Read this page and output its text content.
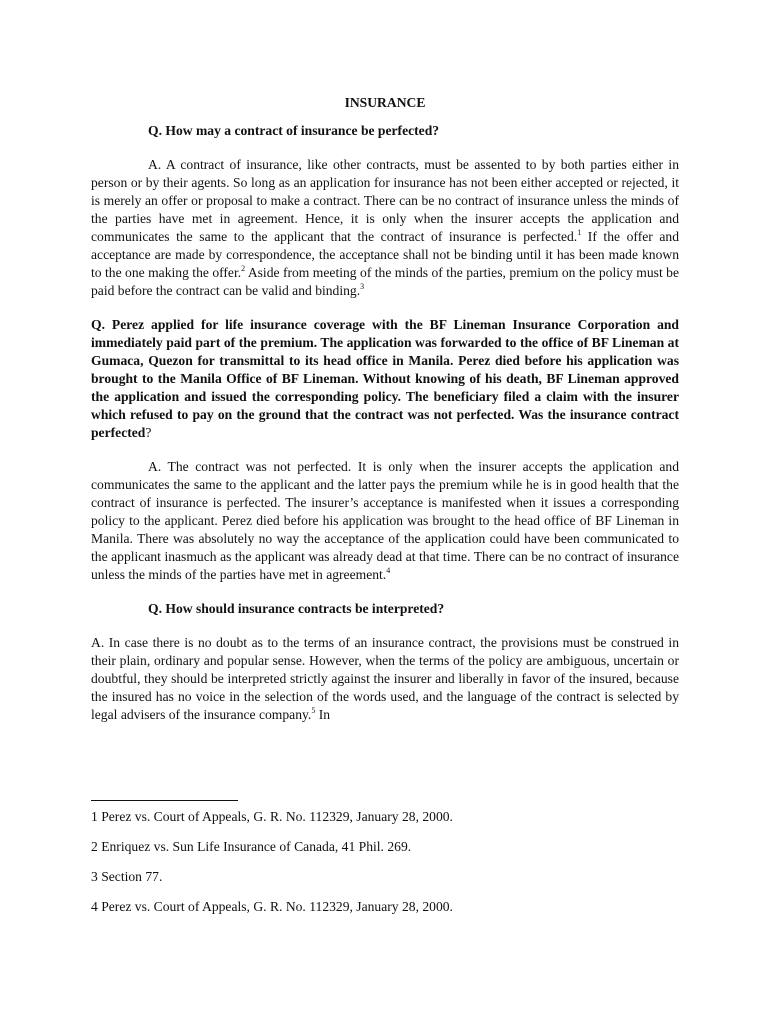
INSURANCE

Q. How may a contract of insurance be perfected?

A. A contract of insurance, like other contracts, must be assented to by both parties either in person or by their agents. So long as an application for insurance has not been either accepted or rejected, it is merely an offer or proposal to make a contract. There can be no contract of insurance unless the minds of the parties have met in agreement. Hence, it is only when the insurer accepts the application and communicates the same to the applicant that the contract of insurance is perfected.$^1$ If the offer and acceptance are made by correspondence, the acceptance shall not be binding until it has been made known to the one making the offer.$^2$ Aside from meeting of the minds of the parties, premium on the policy must be paid before the contract can be valid and binding.$^3$

Q. Perez applied for life insurance coverage with the BF Lineman Insurance Corporation and immediately paid part of the premium. The application was forwarded to the office of BF Lineman at Gumaca, Quezon for transmittal to its head office in Manila. Perez died before his application was brought to the Manila Office of BF Lineman. Without knowing of his death, BF Lineman approved the application and issued the corresponding policy. The beneficiary filed a claim with the insurer which refused to pay on the ground that the contract was not perfected. Was the insurance contract perfected?

A. The contract was not perfected. It is only when the insurer accepts the application and communicates the same to the applicant and the latter pays the premium while he is in good health that the contract of insurance is perfected. The insurer’s acceptance is manifested when it issues a corresponding policy to the applicant. Perez died before his application was brought to the head office of BF Lineman in Manila. There was absolutely no way the acceptance of the application could have been communicated to the applicant inasmuch as the applicant was already dead at that time. There can be no contract of insurance unless the minds of the parties have met in agreement.$^4$

Q. How should insurance contracts be interpreted?

A. In case there is no doubt as to the terms of an insurance contract, the provisions must be construed in their plain, ordinary and popular sense. However, when the terms of the policy are ambiguous, uncertain or doubtful, they should be interpreted strictly against the insurer and liberally in favor of the insured, because the insured has no voice in the selection of the words used, and the language of the contract is selected by legal advisers of the insurance company.$^5$ In

1 Perez vs. Court of Appeals, G. R. No. 112329, January 28, 2000.

2 Enriquez vs. Sun Life Insurance of Canada, 41 Phil. 269.

3 Section 77.

4 Perez vs. Court of Appeals, G. R. No. 112329, January 28, 2000.
